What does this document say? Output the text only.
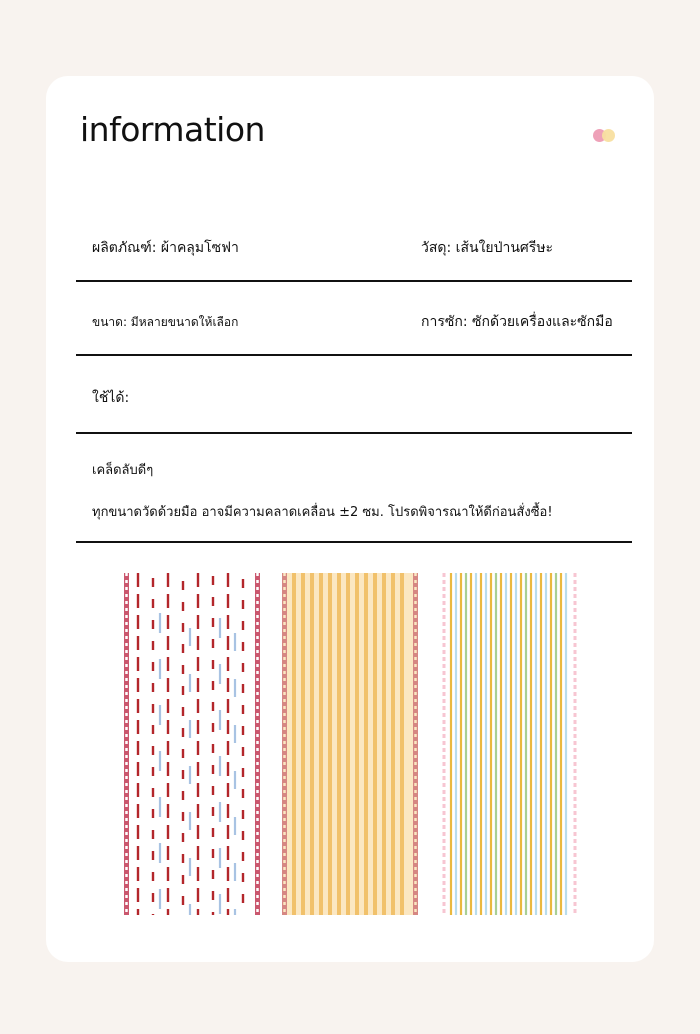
information
ผลิตภัณฑ์: ผ้าคลุมโซฟา	วัสดุ: เส้นใยป่านศรีษะ
ขนาด: มีหลายขนาดให้เลือก	การซัก: ซักด้วยเครื่องและซักมือ
ใช้ได้:
เคล็ดลับดีๆ
ทุกขนาดวัดด้วยมือ อาจมีความคลาดเคลื่อน ±2 ซม. โปรดพิจารณาให้ดีก่อนสั่งซื้อ!
